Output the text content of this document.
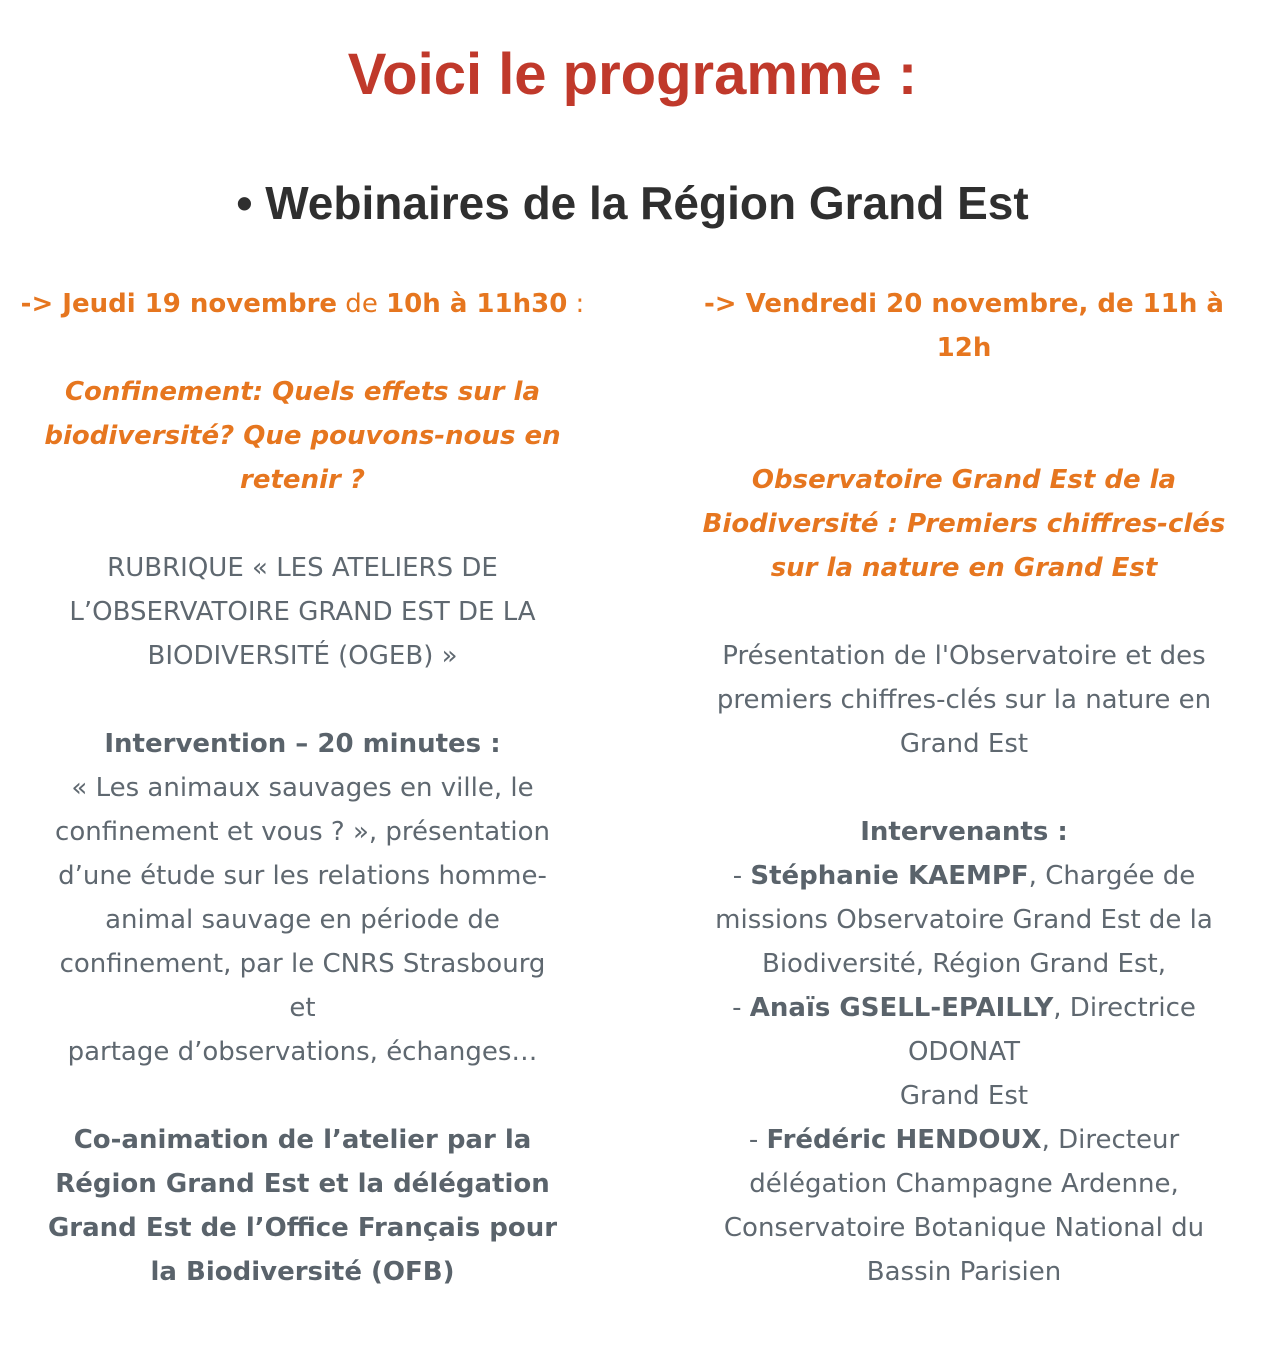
Voici le programme :
• Webinaires de la Région Grand Est

-> Jeudi 19 novembre de 10h à 11h30 :

Confinement: Quels effets sur la
biodiversité? Que pouvons-nous en
retenir ?

RUBRIQUE « LES ATELIERS DE
L’OBSERVATOIRE GRAND EST DE LA
BIODIVERSITÉ (OGEB) »

Intervention – 20 minutes :
« Les animaux sauvages en ville, le
confinement et vous ? », présentation
d’une étude sur les relations homme-
animal sauvage en période de
confinement, par le CNRS Strasbourg
et
partage d’observations, échanges…

Co-animation de l’atelier par la
Région Grand Est et la délégation
Grand Est de l’Office Français pour
la Biodiversité (OFB)

-> Vendredi 20 novembre, de 11h à
12h

Observatoire Grand Est de la
Biodiversité : Premiers chiffres-clés
sur la nature en Grand Est

Présentation de l'Observatoire et des
premiers chiffres-clés sur la nature en
Grand Est

Intervenants :
- Stéphanie KAEMPF, Chargée de
missions Observatoire Grand Est de la
Biodiversité, Région Grand Est,
- Anaïs GSELL-EPAILLY, Directrice
ODONAT
Grand Est
- Frédéric HENDOUX, Directeur
délégation Champagne Ardenne,
Conservatoire Botanique National du
Bassin Parisien
